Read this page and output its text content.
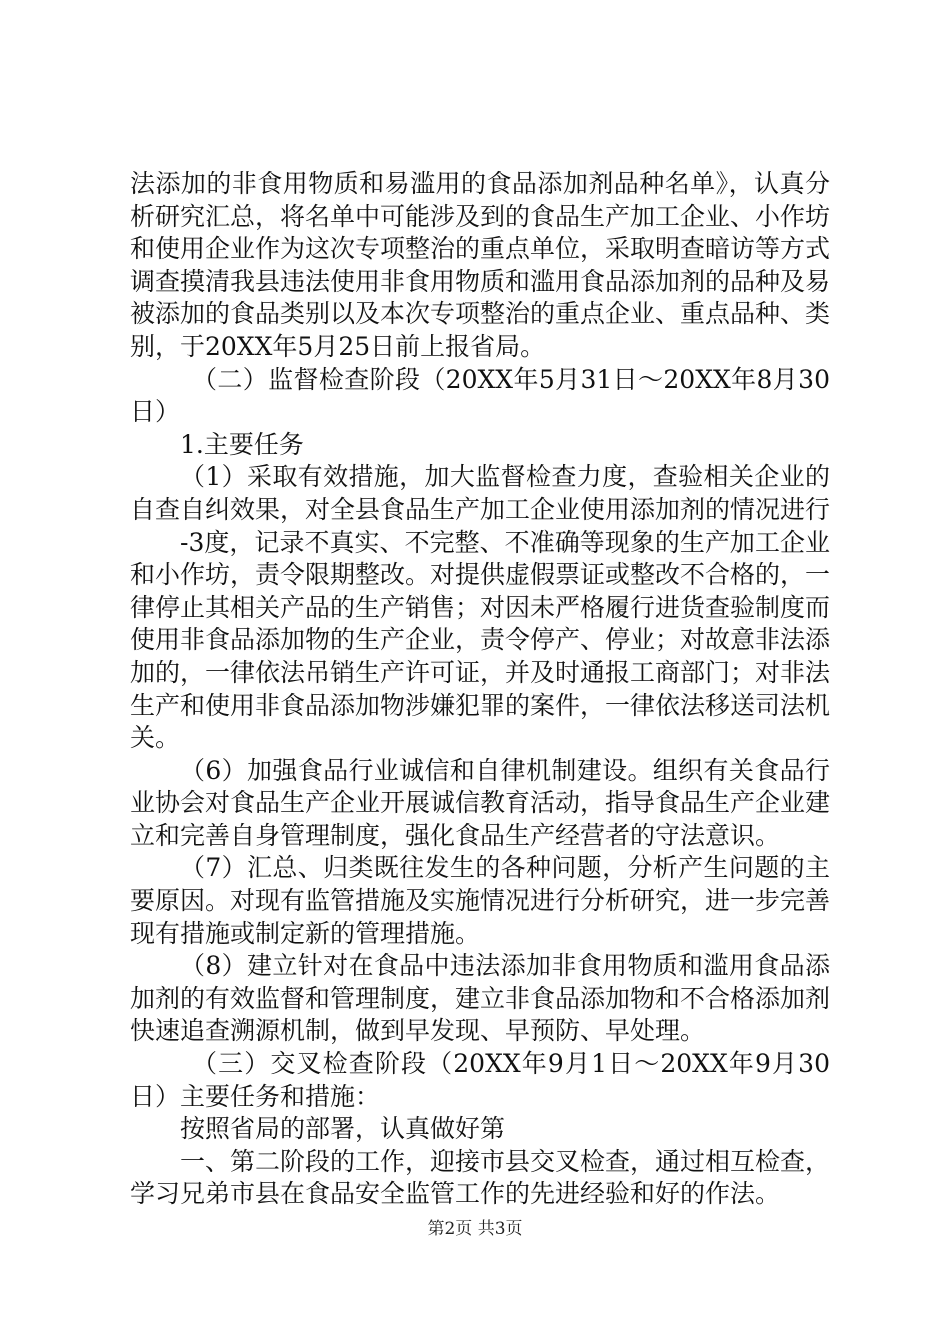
法添加的非食用物质和易滥用的食品添加剂品种名单》，认真分析研究汇总，将名单中可能涉及到的食品生产加工企业、小作坊和使用企业作为这次专项整治的重点单位，采取明查暗访等方式调查摸清我县违法使用非食用物质和滥用食品添加剂的品种及易被添加的食品类别以及本次专项整治的重点企业、重点品种、类别，于20XX年5月25日前上报省局。

（二）监督检查阶段（20XX年5月31日～20XX年8月30日）

1.主要任务

（1）采取有效措施，加大监督检查力度，查验相关企业的自查自纠效果，对全县食品生产加工企业使用添加剂的情况进行

-3度，记录不真实、不完整、不准确等现象的生产加工企业和小作坊，责令限期整改。对提供虚假票证或整改不合格的，一律停止其相关产品的生产销售；对因未严格履行进货查验制度而使用非食品添加物的生产企业，责令停产、停业；对故意非法添加的，一律依法吊销生产许可证，并及时通报工商部门；对非法生产和使用非食品添加物涉嫌犯罪的案件，一律依法移送司法机关。

（6）加强食品行业诚信和自律机制建设。组织有关食品行业协会对食品生产企业开展诚信教育活动，指导食品生产企业建立和完善自身管理制度，强化食品生产经营者的守法意识。

（7）汇总、归类既往发生的各种问题，分析产生问题的主要原因。对现有监管措施及实施情况进行分析研究，进一步完善现有措施或制定新的管理措施。

（8）建立针对在食品中违法添加非食用物质和滥用食品添加剂的有效监督和管理制度，建立非食品添加物和不合格添加剂快速追查溯源机制，做到早发现、早预防、早处理。

（三）交叉检查阶段（20XX年9月1日～20XX年9月30日）主要任务和措施：

按照省局的部署，认真做好第

一、第二阶段的工作，迎接市县交叉检查，通过相互检查，学习兄弟市县在食品安全监管工作的先进经验和好的作法。

第2页 共3页
